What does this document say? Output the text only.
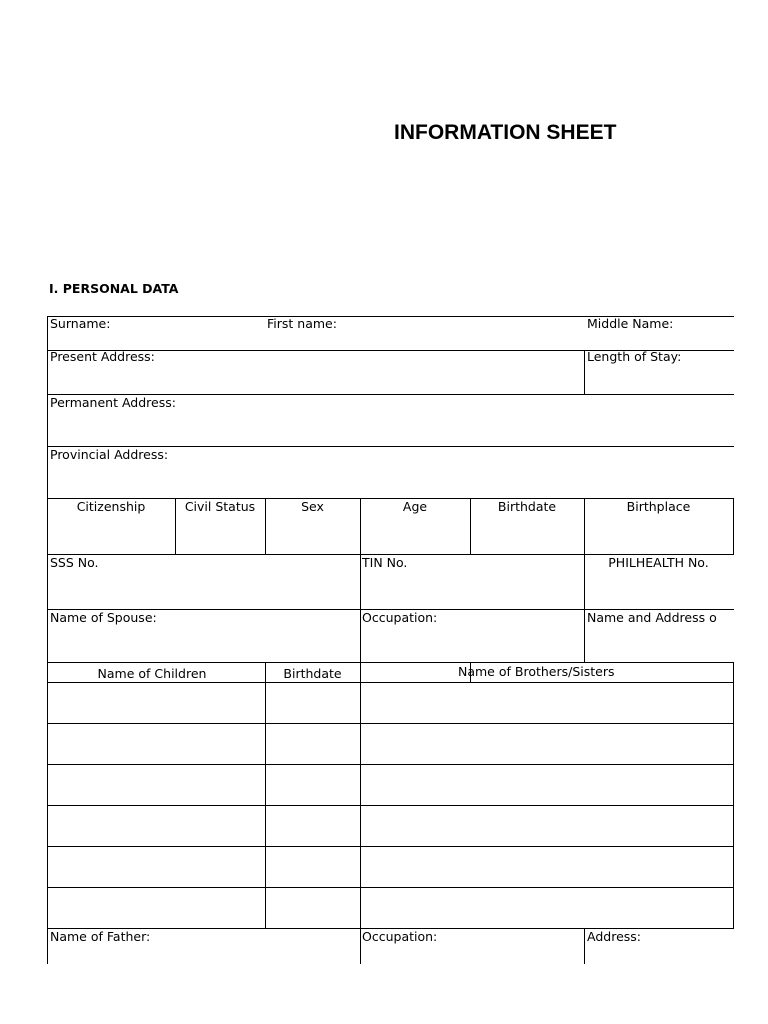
INFORMATION SHEET
I. PERSONAL DATA
Surname:	First name:	Middle Name:
Present Address:	Length of Stay:
Permanent Address:
Provincial Address:
Citizenship	Civil Status	Sex	Age	Birthdate	Birthplace
SSS No.	TIN No.	PHILHEALTH No.
Name of Spouse:	Occupation:	Name and Address o
Name of Children	Birthdate	Name of Brothers/Sisters
Name of Father:	Occupation:	Address:
